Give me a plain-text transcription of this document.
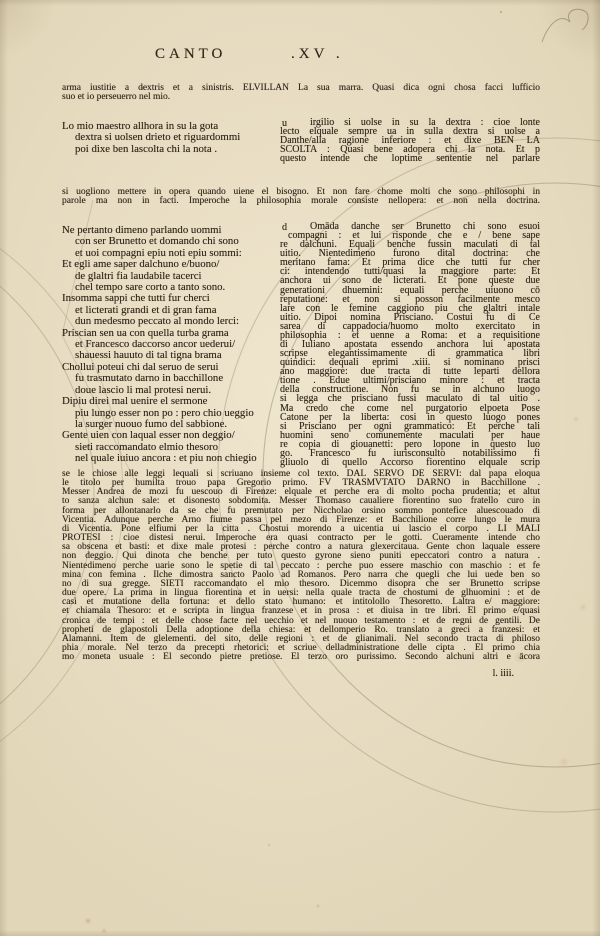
CANTO	.XV .
arma iustitie a dextris et a sinistris. ELVILLAN La sua marra. Quasi dica ogni chosa facci lufficio
suo et io perseuerro nel mio.
Lo mio maestro allhora in su la gota
dextra si uolsen drieto et riguardommi
poi dixe ben lascolta chi la nota .
u	irgilio si uolse in su la dextra : cioe lonte
lecto elquale sempre ua in sulla dextra si uolse a
Danthe/alla ragione inferiore : et dixe BEN LA
SCOLTA : Quasi bene adopera chi la nota. Et p
questo intende che loptime sententie nel parlare
si uogliono mettere in opera quando uiene el bisogno. Et non fare chome molti che sono philosophi in
parole ma non in facti. Imperoche la philosophia morale consiste nellopera: et non nella doctrina.
Ne pertanto dimeno parlando uommi
con ser Brunetto et domando chi sono
et uoi compagni epiu noti epiu sommi:
Et egli ame saper dalchuno e/buono/
de glaltri fia laudabile tacerci
chel tempo sare corto a tanto sono.
Insomma sappi che tutti fur cherci
et licterati grandi et di gran fama
dun medesmo peccato al mondo lerci:
Priscian sen ua con quella turba grama
et Francesco daccorso ancor uederui/
shauessi hauuto di tal tigna brama
Chollui poteui chi dal seruo de serui
fu trasmutato darno in bacchillone
doue lascio li mal protesi nerui.
Dipiu direi mal uenire el sermone
piu lungo esser non po : pero chio ueggio
la surger nuouo fumo del sabbione.
Gente uien con laqual esser non deggio/
sieti raccomandato elmio thesoro
nel quale iuiuo ancora : et piu non chiegio
d	Omāda danche ser Brunetto chi sono esuoi
compagni : et lui risponde che e / bene sape
re dalchuni. Equali benche fussin maculati di tal
uitio. Nientedimeno furono dital doctrina: che
meritano fama: Et prima dice che tutti fur cher
ci: intendendo tutti/quasi la maggiore parte: Et
anchora ui sono de licterati. Et pone queste due
generationi dhuemini: equali perche uiuono cō
reputatione: et non si posson facilmente mesco
lare con le femine caggiono piu che glaltri intale
uitio. Dipoi nomina Prisciano. Costui fu di Ce
sarea di cappadocia/huomo molto exercitato in
philosophia : et uenne a Roma: et a requisitione
di Iuliano apostata essendo anchora lui apostata
scripse elegantissimamente di grammatica libri
quindici: dequali eprimi .xiii. si nominano prisci
ano maggiore: due tracta di tutte leparti dellora
tione . Edue ultimi/prisciano minore : et tracta
della constructione. Non fu se in alchuno luogo
si legga che prisciano fussi maculato di tal uitio .
Ma credo che come nel purgatorio elpoeta Pose
Catone per la liberta: cosi in questo luogo pones
si Prisciano per ogni grammatico: Et perche tali
huomini seno comunemente maculati per haue
re copia di giouanetti: pero lopone in questo luo
go. Francesco fu iurisconsulto notabilissimo fi
gliuolo di quello Accorso fiorentino elquale scrip
se le chiose alle leggi lequali si scriuano insieme col texto. DAL SERVO DE SERVI: dal papa eloqua
le titolo per humilta trouo papa Gregorio primo. FV TRASMVTATO DARNO in Bacchillone .
Messer Andrea de mozi fu uescouo di Firenze: elquale et perche era di molto pocha prudentia; et altut
to sanza alchun sale: et disonesto sobdomita. Messer Thomaso caualiere fiorentino suo fratello curo in
forma per allontanarlo da se che fu premutato per Niccholao orsino sommo pontefice aluescouado di
Vicentia. Adunque perche Arno fiume passa pel mezo di Firenze: et Bacchilione corre lungo le mura
di Vicentia. Pone elfiumi per la citta . Chostui morendo a uicentia ui lascio el corpo . LI MALI
PROTESI : cioe distesi nerui. Imperoche era quasi contracto per le gotti. Cueramente intende cho
sa obscena et basti: et dixe male protesi : perche contro a natura glexercitaua. Gente chon laquale essere
non deggio. Qui dinota che benche per tuto questo gyrone sieno puniti epeccatori contro a natura .
Nientedimeno perche uarie sono le spetie di tal peccato : perche puo essere maschio con maschio : et fe
mina con femina . Ilche dimostra sancto Paolo ad Romanos. Pero narra che quegli che lui uede ben so
no di sua gregge. SIETI raccomandato el mio thesoro. Dicemmo disopra che ser Brunetto scripse
due opere. La prima in lingua fiorentina et in uersi: nella quale tracta de chostumi de glhuomini : et de
casi et mutatione della fortuna: et dello stato humano: et intitolollo Thesoretto. Laltra e/ maggiore:
et chiamala Thesoro: et e scripta in lingua franzese et in prosa : et diuisa in tre libri. El primo e/quasi
cronica de tempi : et delle chose facte nel uecchio et nel nuouo testamento : et de regni de gentili. De
propheti de glapostoli Della adoptione della chiesa: et dellomperio Ro. translato a greci a franzesi: et
Alamanni. Item de glelementi. del sito, delle regioni : et de glianimali. Nel secondo tracta di philoso
phia morale. Nel terzo da precepti rhetorici: et scriue delladministratione delle cipta . El primo chia
mo moneta usuale : El secondo pietre pretiose. El terzo oro purissimo. Secondo alchuni altri e ācora
l. iiii.
